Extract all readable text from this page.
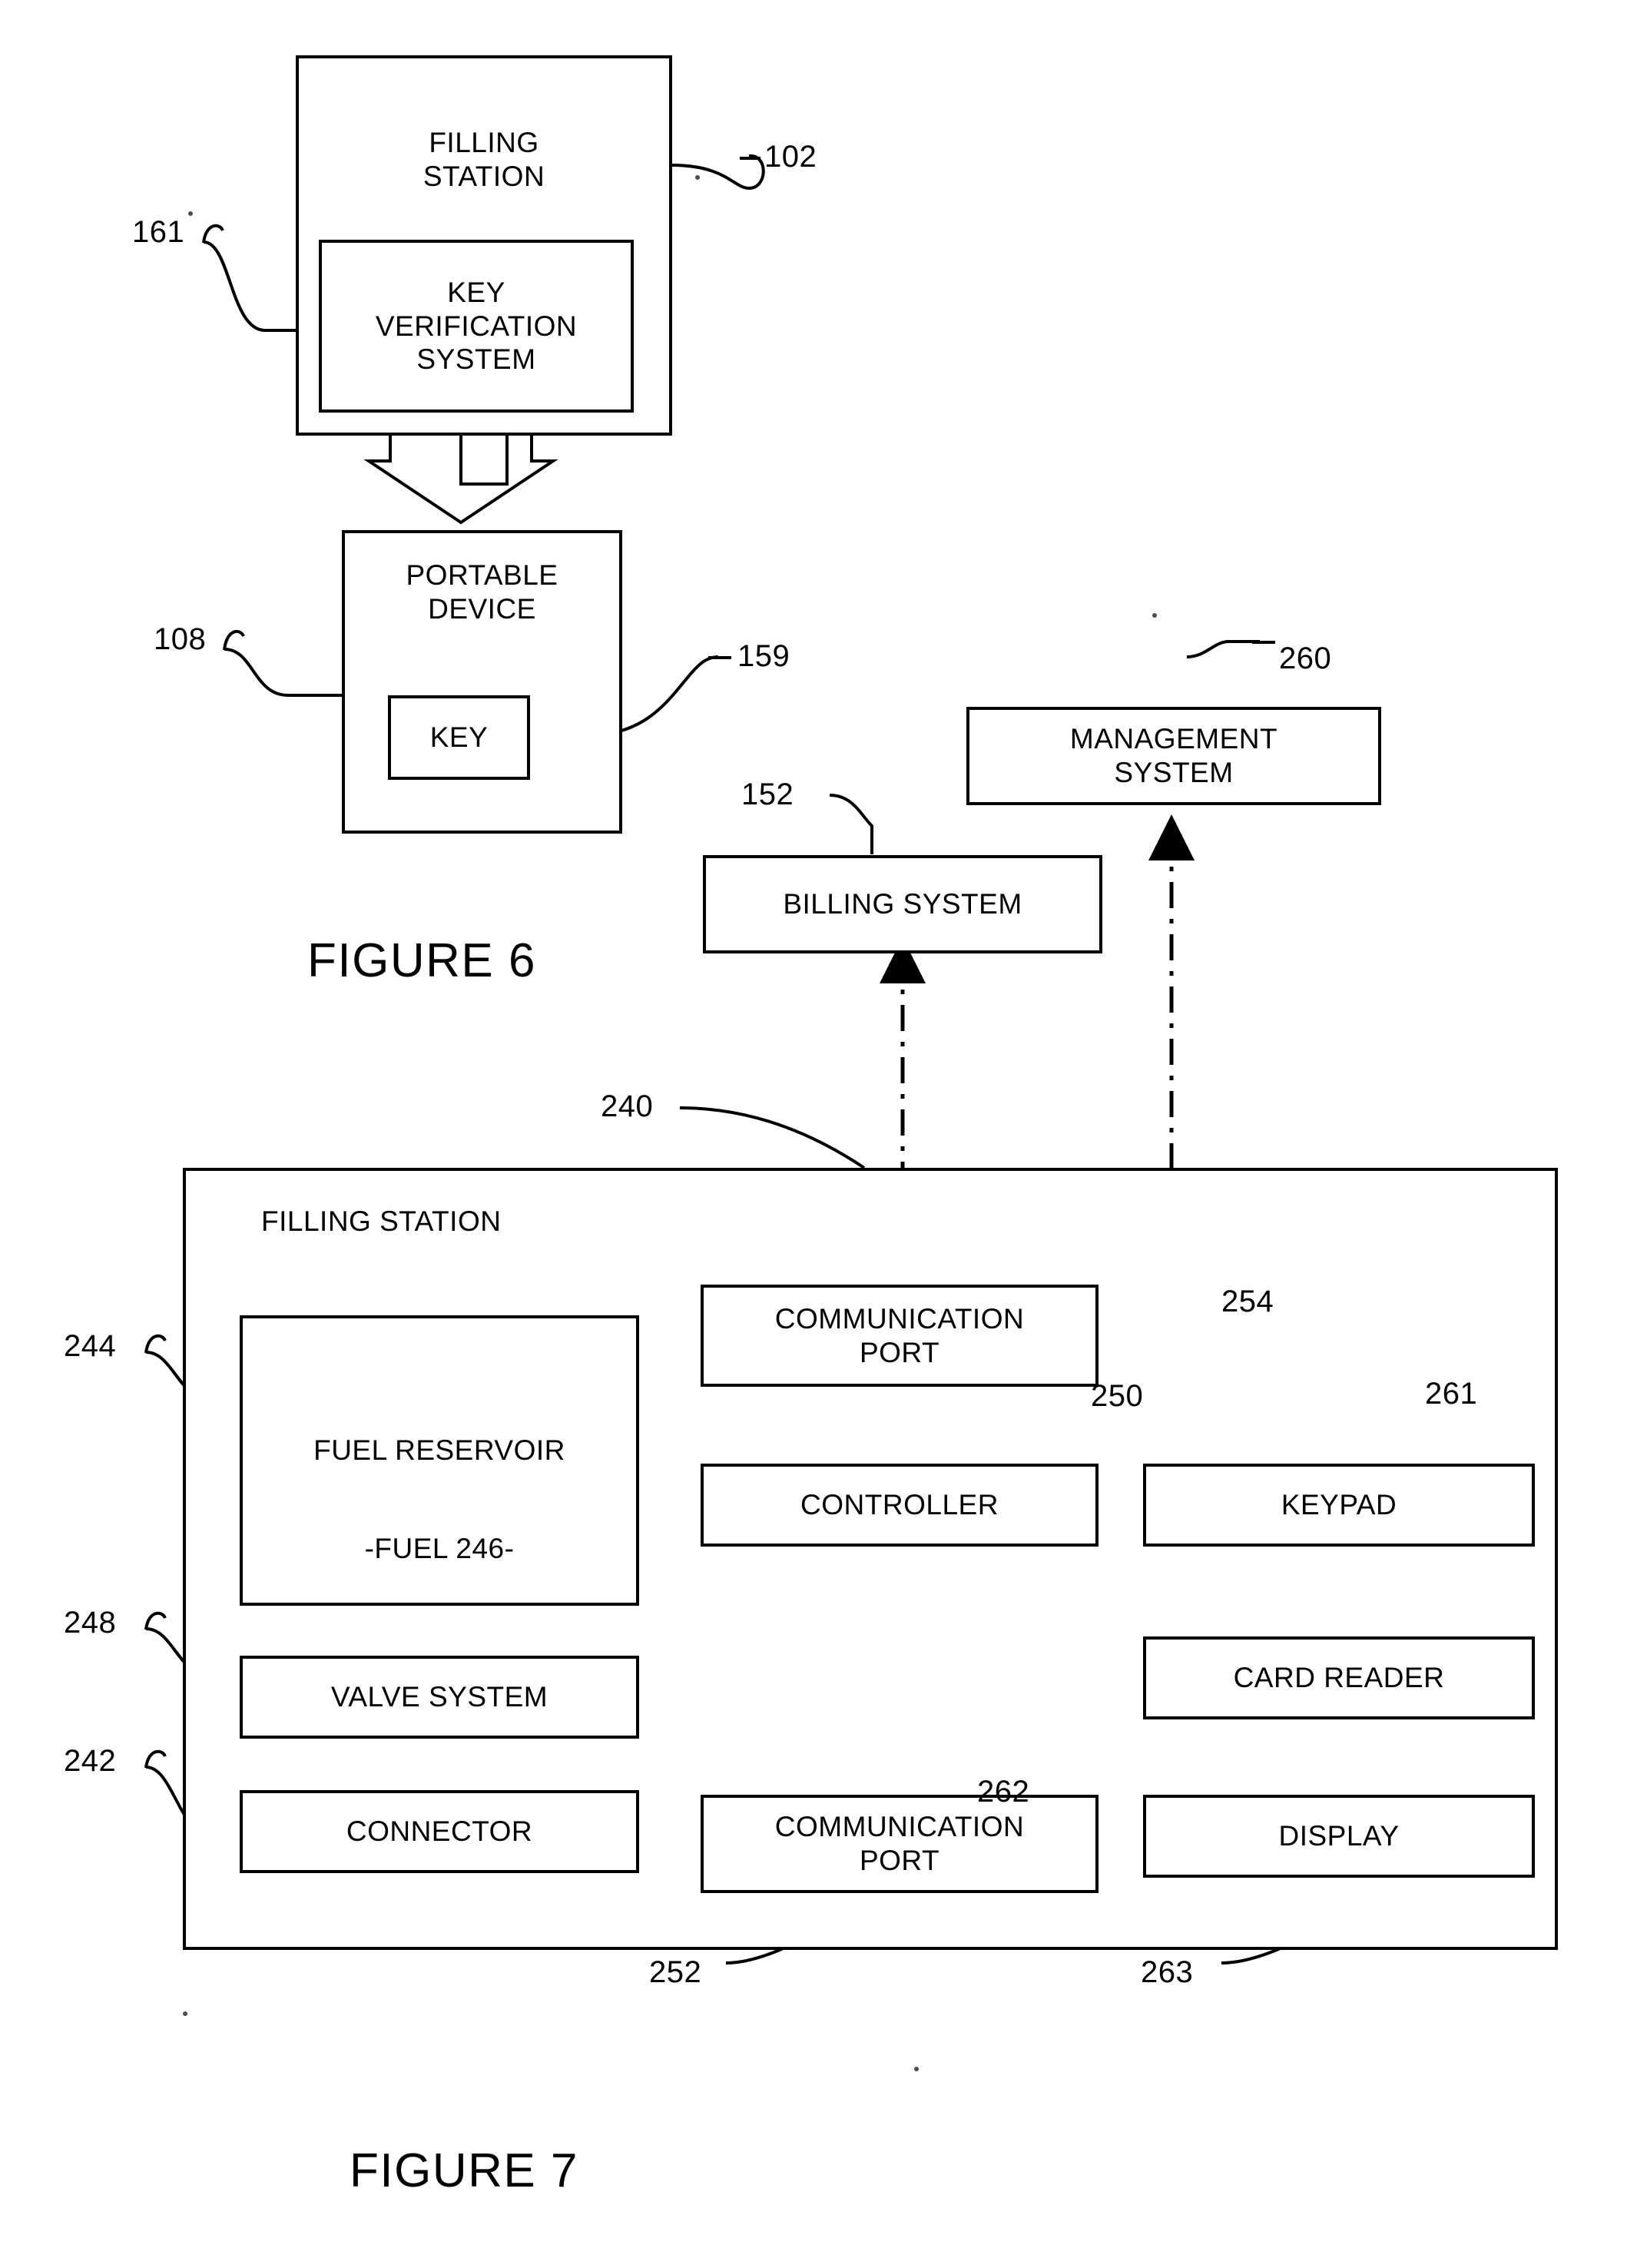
FILLING
STATION
KEY
VERIFICATION
SYSTEM
PORTABLE
DEVICE
KEY
102
161
108	159
FIGURE 6
MANAGEMENT
SYSTEM
260
BILLING SYSTEM
152
FILLING STATION
240
FUEL RESERVOIR
-FUEL 246-
244
VALVE SYSTEM
248
CONNECTOR
242
COMMUNICATION
PORT
254
CONTROLLER
250
COMMUNICATION
PORT
252
KEYPAD
261
CARD READER
262
DISPLAY
263
FIGURE 7
